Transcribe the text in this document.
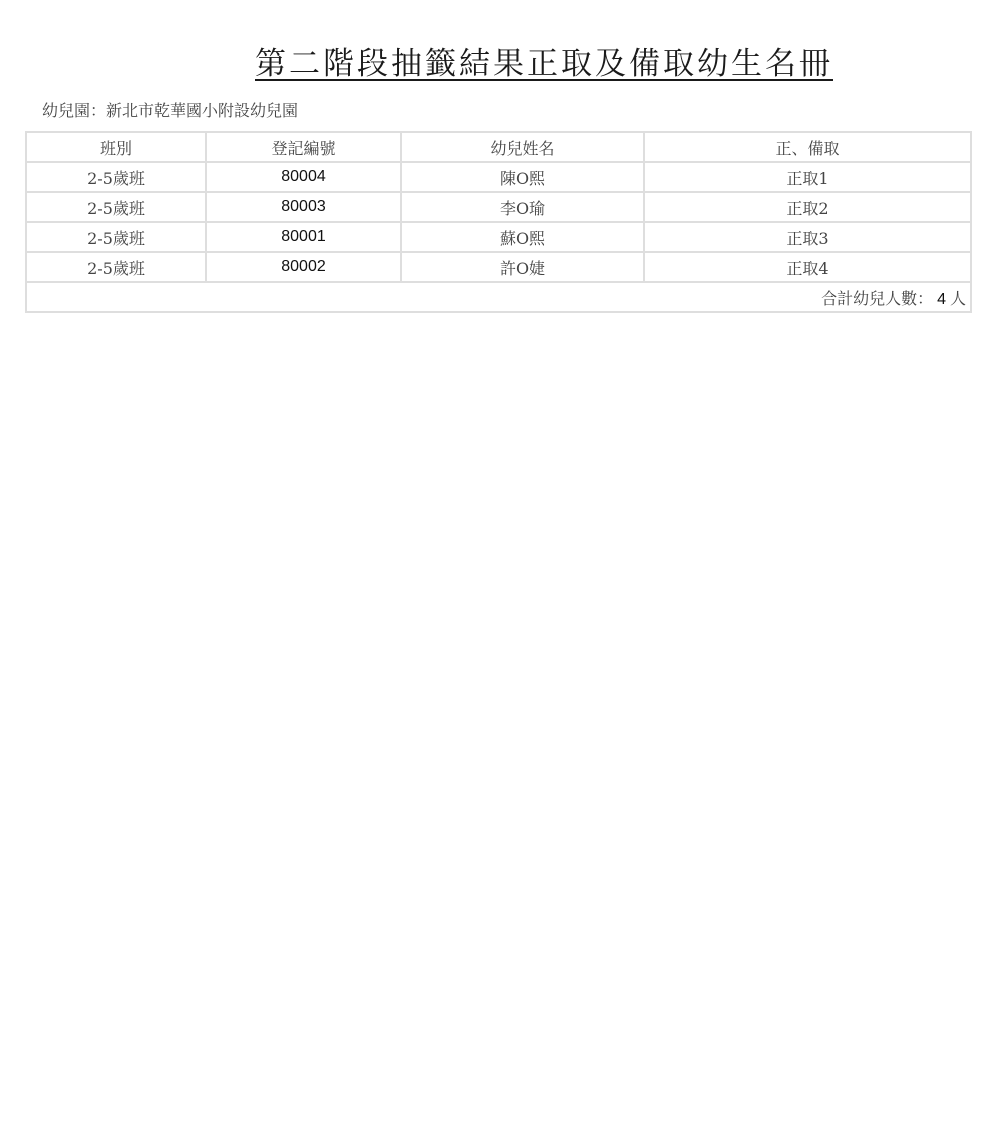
第二階段抽籤結果正取及備取幼生名冊
幼兒園：新北市乾華國小附設幼兒園
班別	登記編號	幼兒姓名	正、備取
2-5歲班	80004	陳O熙	正取1
2-5歲班	80003	李O瑜	正取2
2-5歲班	80001	蘇O熙	正取3
2-5歲班	80002	許O婕	正取4
合計幼兒人數： 4 人			
